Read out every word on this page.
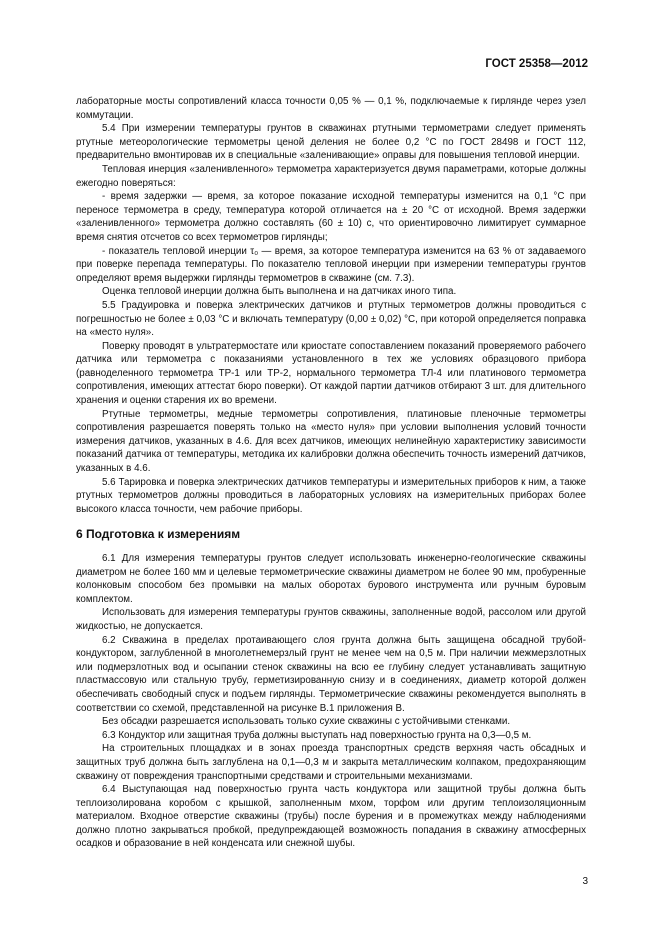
ГОСТ 25358—2012

лабораторные мосты сопротивлений класса точности 0,05 % — 0,1 %, подключаемые к гирлянде через узел коммутации.

5.4 При измерении температуры грунтов в скважинах ртутными термометрами следует применять ртутные метеорологические термометры ценой деления не более 0,2 °С по ГОСТ 28498 и ГОСТ 112, предварительно вмонтировав их в специальные «заленивающие» оправы для повышения тепловой инерции.

Тепловая инерция «заленивленного» термометра характеризуется двумя параметрами, которые должны ежегодно поверяться:

- время задержки — время, за которое показание исходной температуры изменится на 0,1 °С при переносе термометра в среду, температура которой отличается на ± 20 °С от исходной. Время задержки «заленивленного» термометра должно составлять (60 ± 10) с, что ориентировочно лимитирует суммарное время снятия отсчетов со всех термометров гирлянды;

- показатель тепловой инерции τ₀ — время, за которое температура изменится на 63 % от задаваемого при поверке перепада температуры. По показателю тепловой инерции при измерении температуры грунтов определяют время выдержки гирлянды термометров в скважине (см. 7.3).

Оценка тепловой инерции должна быть выполнена и на датчиках иного типа.

5.5 Градуировка и поверка электрических датчиков и ртутных термометров должны проводиться с погрешностью не более ± 0,03 °С и включать температуру (0,00 ± 0,02) °С, при которой определяется поправка на «место нуля».

Поверку проводят в ультратермостате или криостате сопоставлением показаний проверяемого рабочего датчика или термометра с показаниями установленного в тех же условиях образцового прибора (равноделенного термометра ТР-1 или ТР-2, нормального термометра ТЛ-4 или платинового термометра сопротивления, имеющих аттестат бюро поверки). От каждой партии датчиков отбирают 3 шт. для длительного хранения и оценки старения их во времени.

Ртутные термометры, медные термометры сопротивления, платиновые пленочные термометры сопротивления разрешается поверять только на «место нуля» при условии выполнения условий точности измерения датчиков, указанных в 4.6. Для всех датчиков, имеющих нелинейную характеристику зависимости показаний датчика от температуры, методика их калибровки должна обеспечить точность измерений датчиков, указанных в 4.6.

5.6 Тарировка и поверка электрических датчиков температуры и измерительных приборов к ним, а также ртутных термометров должны проводиться в лабораторных условиях на измерительных приборах более высокого класса точности, чем рабочие приборы.

6 Подготовка к измерениям

6.1 Для измерения температуры грунтов следует использовать инженерно-геологические скважины диаметром не более 160 мм и целевые термометрические скважины диаметром не более 90 мм, пробуренные колонковым способом без промывки на малых оборотах бурового инструмента или ручным буровым комплектом.

Использовать для измерения температуры грунтов скважины, заполненные водой, рассолом или другой жидкостью, не допускается.

6.2 Скважина в пределах протаивающего слоя грунта должна быть защищена обсадной трубой-кондуктором, заглубленной в многолетнемерзлый грунт не менее чем на 0,5 м. При наличии межмерзлотных или подмерзлотных вод и осыпании стенок скважины на всю ее глубину следует устанавливать защитную пластмассовую или стальную трубу, герметизированную снизу и в соединениях, диаметр которой должен обеспечивать свободный спуск и подъем гирлянды. Термометрические скважины рекомендуется выполнять в соответствии со схемой, представленной на рисунке В.1 приложения В.

Без обсадки разрешается использовать только сухие скважины с устойчивыми стенками.

6.3 Кондуктор или защитная труба должны выступать над поверхностью грунта на 0,3—0,5 м.

На строительных площадках и в зонах проезда транспортных средств верхняя часть обсадных и защитных труб должна быть заглублена на 0,1—0,3 м и закрыта металлическим колпаком, предохраняющим скважину от повреждения транспортными средствами и строительными механизмами.

6.4 Выступающая над поверхностью грунта часть кондуктора или защитной трубы должна быть теплоизолирована коробом с крышкой, заполненным мхом, торфом или другим теплоизоляционным материалом. Входное отверстие скважины (трубы) после бурения и в промежутках между наблюдениями должно плотно закрываться пробкой, предупреждающей возможность попадания в скважину атмосферных осадков и образование в ней конденсата или снежной шубы.

3
